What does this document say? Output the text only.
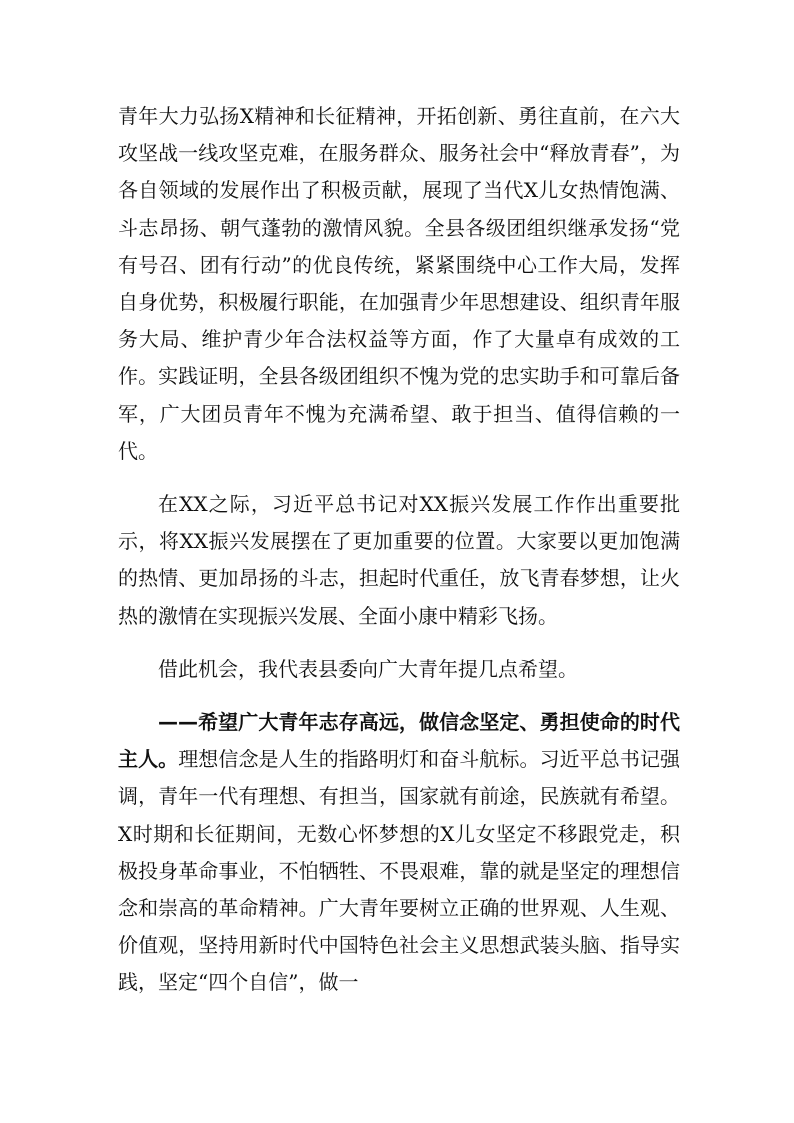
青年大力弘扬X精神和长征精神，开拓创新、勇往直前，在六大攻坚战一线攻坚克难，在服务群众、服务社会中“释放青春”，为各自领域的发展作出了积极贡献，展现了当代X儿女热情饱满、斗志昂扬、朝气蓬勃的激情风貌。全县各级团组织继承发扬“党有号召、团有行动”的优良传统，紧紧围绕中心工作大局，发挥自身优势，积极履行职能，在加强青少年思想建设、组织青年服务大局、维护青少年合法权益等方面，作了大量卓有成效的工作。实践证明，全县各级团组织不愧为党的忠实助手和可靠后备军，广大团员青年不愧为充满希望、敢于担当、值得信赖的一代。

在XX之际，习近平总书记对XX振兴发展工作作出重要批示，将XX振兴发展摆在了更加重要的位置。大家要以更加饱满的热情、更加昂扬的斗志，担起时代重任，放飞青春梦想，让火热的激情在实现振兴发展、全面小康中精彩飞扬。

借此机会，我代表县委向广大青年提几点希望。

——希望广大青年志存高远，做信念坚定、勇担使命的时代主人。理想信念是人生的指路明灯和奋斗航标。习近平总书记强调，青年一代有理想、有担当，国家就有前途，民族就有希望。X时期和长征期间，无数心怀梦想的X儿女坚定不移跟党走，积极投身革命事业，不怕牺牲、不畏艰难，靠的就是坚定的理想信念和崇高的革命精神。广大青年要树立正确的世界观、人生观、价值观，坚持用新时代中国特色社会主义思想武装头脑、指导实践，坚定“四个自信”，做一
